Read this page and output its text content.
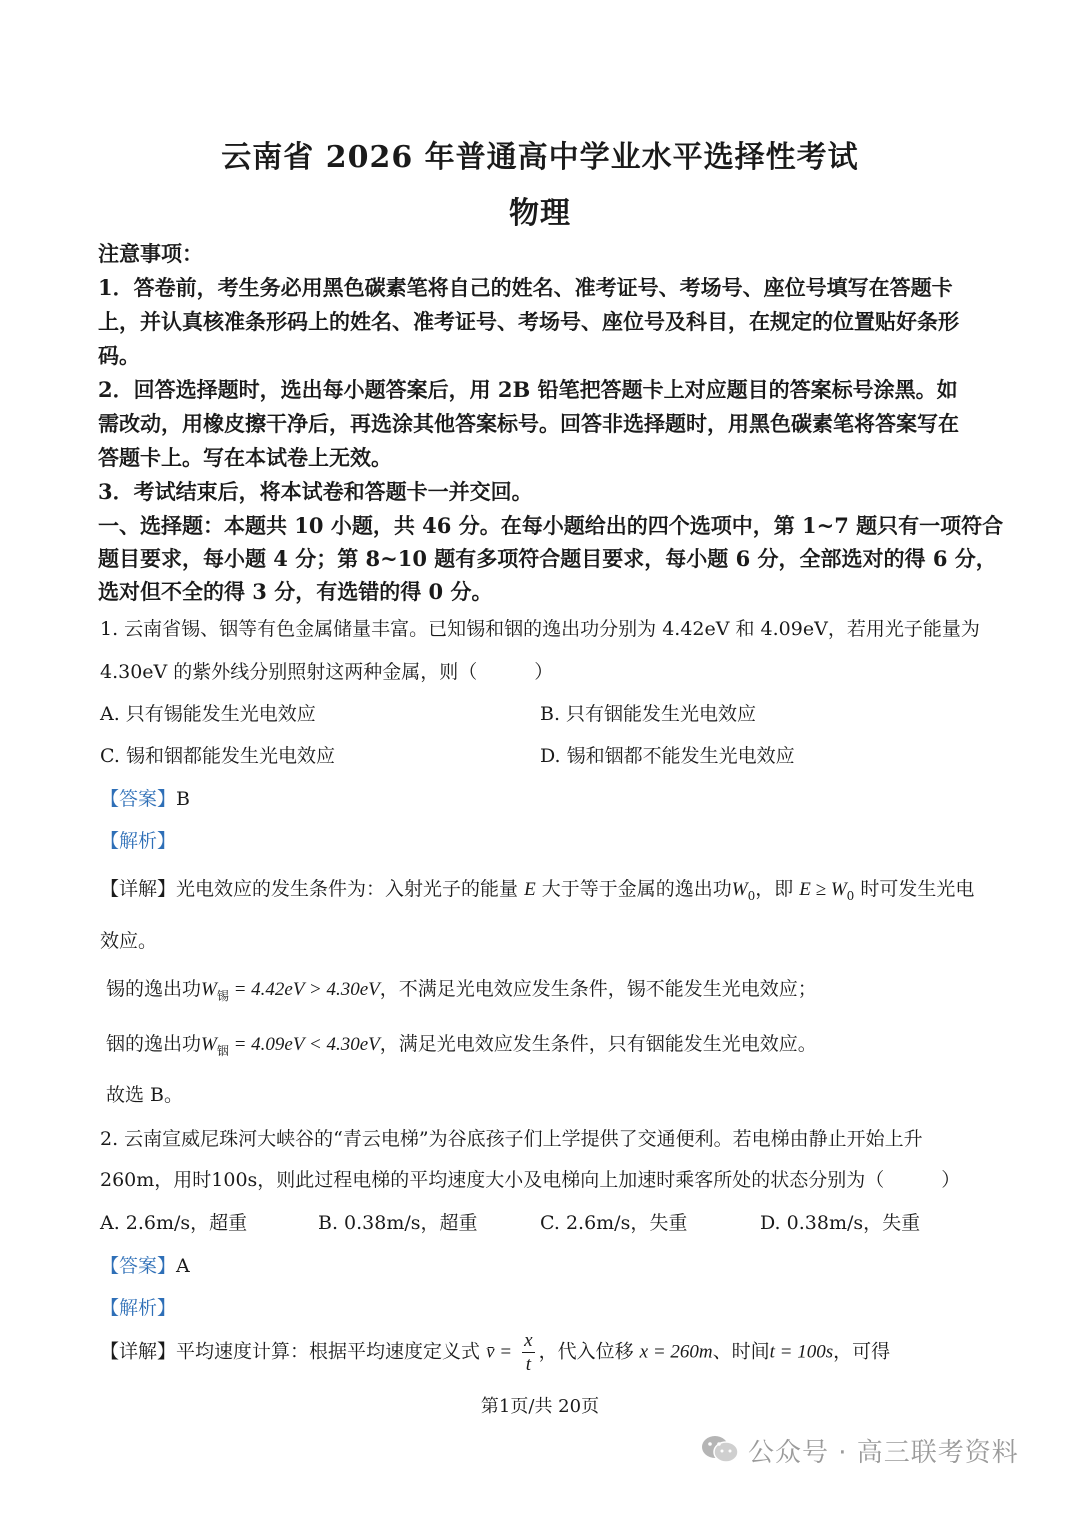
云南省 2026 年普通高中学业水平选择性考试
物理
注意事项：
1．答卷前，考生务必用黑色碳素笔将自己的姓名、准考证号、考场号、座位号填写在答题卡
上，并认真核准条形码上的姓名、准考证号、考场号、座位号及科目，在规定的位置贴好条形
码。
2．回答选择题时，选出每小题答案后，用 2B 铅笔把答题卡上对应题目的答案标号涂黑。如
需改动，用橡皮擦干净后，再选涂其他答案标号。回答非选择题时，用黑色碳素笔将答案写在
答题卡上。写在本试卷上无效。
3．考试结束后，将本试卷和答题卡一并交回。
一、选择题：本题共 10 小题，共 46 分。在每小题给出的四个选项中，第 1~7 题只有一项符合
题目要求，每小题 4 分；第 8~10 题有多项符合题目要求，每小题 6 分，全部选对的得 6 分，
选对但不全的得 3 分，有选错的得 0 分。
1. 云南省锡、铟等有色金属储量丰富。已知锡和铟的逸出功分别为 4.42eV 和 4.09eV，若用光子能量为
4.30eV 的紫外线分别照射这两种金属，则（　　　）
A. 只有锡能发生光电效应	B. 只有铟能发生光电效应
C. 锡和铟都能发生光电效应	D. 锡和铟都不能发生光电效应
【答案】B
【解析】
【详解】光电效应的发生条件为：入射光子的能量 E 大于等于金属的逸出功$W_0$，即 $E \ge W_0$ 时可发生光电
效应。
锡的逸出功$W_锡 = 4.42eV > 4.30eV$，不满足光电效应发生条件，锡不能发生光电效应；
铟的逸出功$W_铟 = 4.09eV < 4.30eV$，满足光电效应发生条件，只有铟能发生光电效应。
故选 B。
2. 云南宣威尼珠河大峡谷的“青云电梯”为谷底孩子们上学提供了交通便利。若电梯由静止开始上升
260m，用时100s，则此过程电梯的平均速度大小及电梯向上加速时乘客所处的状态分别为（　　　）
A. 2.6m/s，超重	B. 0.38m/s，超重	C. 2.6m/s，失重	D. 0.38m/s，失重
【答案】A
【解析】
【详解】平均速度计算：根据平均速度定义式 v̄ = $\frac{x}{t}$ ，代入位移 x = 260m、时间t = 100s，可得
第1页/共 20页
公众号 · 高三联考资料
